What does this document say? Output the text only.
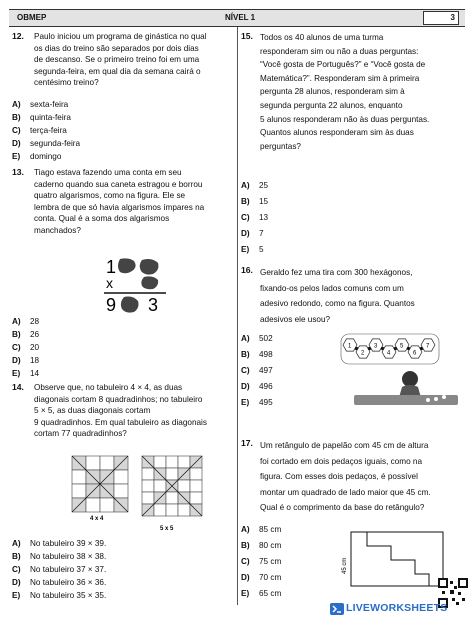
OBMEP	NÍVEL 1	3
12. Paulo iniciou um programa de ginástica no qual
os dias do treino são separados por dois dias
de descanso. Se o primeiro treino foi em uma
segunda-feira, em qual dia da semana cairá o
centésimo treino?
A) sexta-feira
B) quinta-feira
C) terça-feira
D) segunda-feira
E) domingo
13. Tiago estava fazendo uma conta em seu
caderno quando sua caneta estragou e borrou
quatro algarismos, como na figura. Ele se
lembra de que só havia algarismos ímpares na
conta. Qual é a soma dos algarismos
manchados?
1
x
9 3
A) 28
B) 26
C) 20
D) 18
E) 14
14. Observe que, no tabuleiro 4 × 4, as duas
diagonais cortam 8 quadradinhos; no tabuleiro
5 × 5, as duas diagonais cortam
9 quadradinhos. Em qual tabuleiro as diagonais
cortam 77 quadradinhos?
4 x 4
5 x 5
A) No tabuleiro 39 × 39.
B) No tabuleiro 38 × 38.
C) No tabuleiro 37 × 37.
D) No tabuleiro 36 × 36.
E) No tabuleiro 35 × 35.
15. Todos os 40 alunos de uma turma
responderam sim ou não a duas perguntas:
“Você gosta de Português?” e “Você gosta de
Matemática?”. Responderam sim à primeira
pergunta 28 alunos, responderam sim à
segunda pergunta 22 alunos, enquanto
5 alunos responderam não às duas perguntas.
Quantos alunos responderam sim às duas
perguntas?
A) 25
B) 15
C) 13
D) 7
E) 5
16. Geraldo fez uma tira com 300 hexágonos,
fixando-os pelos lados comuns com um
adesivo redondo, como na figura. Quantos
adesivos ele usou?
1
2
3
4
5
6
7
A) 502
B) 498
C) 497
D) 496
E) 495
17. Um retângulo de papelão com 45 cm de altura
foi cortado em dois pedaços iguais, como na
figura. Com esses dois pedaços, é possível
montar um quadrado de lado maior que 45 cm.
Qual é o comprimento da base do retângulo?
45 cm
A) 85 cm
B) 80 cm
C) 75 cm
D) 70 cm
E) 65 cm
LIVEWORKSHEETS
